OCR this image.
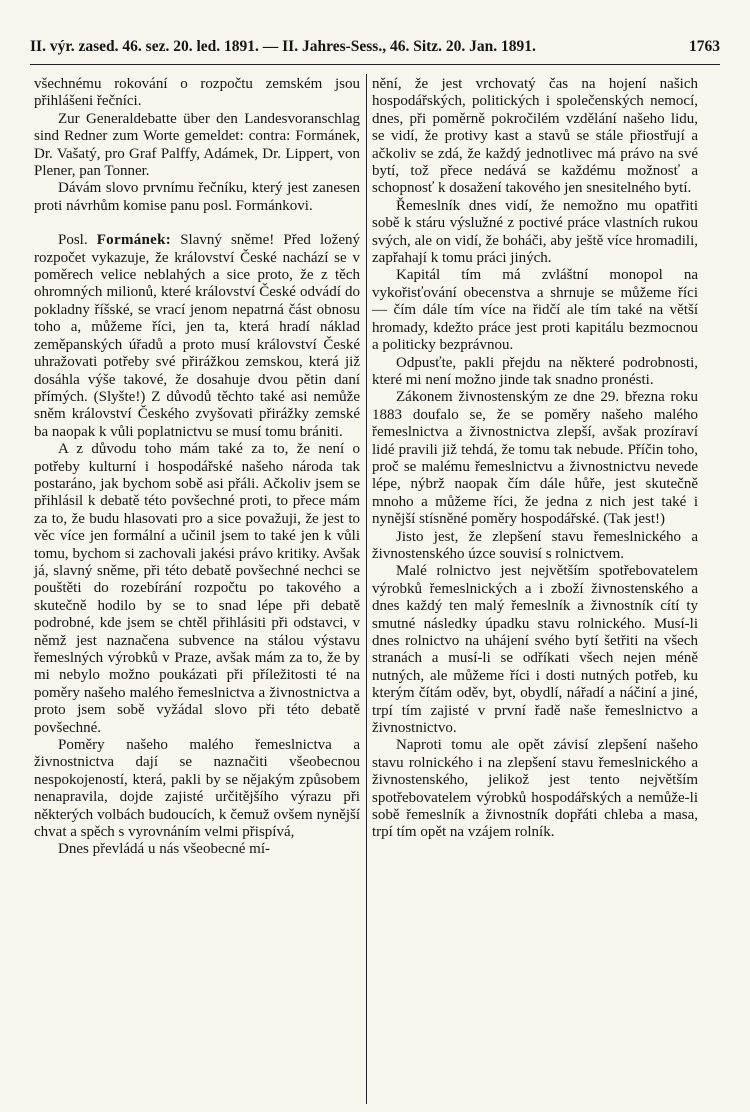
II. výr. zased. 46. sez. 20. led. 1891. — II. Jahres-Sess., 46. Sitz. 20. Jan. 1891.	1763

všechnému rokování o rozpočtu zemském jsou přihlášeni řečníci.

Zur Generaldebatte über den Landesvoranschlag sind Redner zum Worte gemeldet: contra: Formánek, Dr. Vašatý, pro Graf Palffy, Adámek, Dr. Lippert, von Plener, pan Tonner.

Dávám slovo prvnímu řečníku, který jest zanesen proti návrhům komise panu posl. Formánkovi.

Posl. Formánek: Slavný sněme! Před ložený rozpočet vykazuje, že království České nachází se v poměrech velice neblahých a sice proto, že z těch ohromných milionů, které království České odvádí do pokladny říšské, se vrací jenom nepatrná část obnosu toho a, můžeme říci, jen ta, která hradí náklad zeměpanských úřadů a proto musí království České uhražovati potřeby své přirážkou zemskou, která již dosáhla výše takové, že dosahuje dvou pětin daní přímých. (Slyšte!) Z důvodů těchto také asi nemůže sněm království Českého zvyšovati přirážky zemské ba naopak k vůli poplatnictvu se musí tomu brániti.

A z důvodu toho mám také za to, že není o potřeby kulturní i hospodářské našeho národa tak postaráno, jak bychom sobě asi přáli. Ačkoliv jsem se přihlásil k debatě této povšechné proti, to přece mám za to, že budu hlasovati pro a sice považuji, že jest to věc více jen formální a učinil jsem to také jen k vůli tomu, bychom si zachovali jakési právo kritiky. Avšak já, slavný sněme, při této debatě povšechné nechci se pouštěti do rozebírání rozpočtu po takového a skutečně hodilo by se to snad lépe při debatě podrobné, kde jsem se chtěl přihlásiti při odstavci, v němž jest naznačena subvence na stálou výstavu řemeslných výrobků v Praze, avšak mám za to, že by mi nebylo možno poukázati při příležitosti té na poměry našeho malého řemeslnictva a živnostnictva a proto jsem sobě vyžádal slovo při této debatě povšechné.

Poměry našeho malého řemeslnictva a živnostnictva dají se naznačiti všeobecnou nespokojeností, která, pakli by se nějakým způsobem nenapravila, dojde zajisté určitějšího výrazu při některých volbách budoucích, k čemuž ovšem nynější chvat a spěch s vyrovnáním velmi přispívá,

Dnes převládá u nás všeobecné mí-

nění, že jest vrchovatý čas na hojení našich hospodářských, politických i společenských nemocí, dnes, při poměrně pokročilém vzdělání našeho lidu, se vidí, že protivy kast a stavů se stále přiostřují a ačkoliv se zdá, že každý jednotlivec má právo na své bytí, tož přece nedává se každému možnosť a schopnosť k dosažení takového jen snesitelného bytí.

Řemeslník dnes vidí, že nemožno mu opatřiti sobě k stáru výslužné z poctivé práce vlastních rukou svých, ale on vidí, že boháči, aby ještě více hromadili, zapřahají k tomu práci jiných.

Kapitál tím má zvláštní monopol na vykořisťování obecenstva a shrnuje se můžeme říci — čím dále tím více na řidčí ale tím také na větší hromady, kdežto práce jest proti kapitálu bezmocnou a politicky bezprávnou.

Odpusťte, pakli přejdu na některé podrobnosti, které mi není možno jinde tak snadno pronésti.

Zákonem živnostenským ze dne 29. března roku 1883 doufalo se, že se poměry našeho malého řemeslnictva a živnostnictva zlepší, avšak prozíraví lidé pravili již tehdá, že tomu tak nebude. Příčin toho, proč se malému řemeslnictvu a živnostnictvu nevede lépe, nýbrž naopak čím dále hůře, jest skutečně mnoho a můžeme říci, že jedna z nich jest také i nynější stísněné poměry hospodářské. (Tak jest!)

Jisto jest, že zlepšení stavu řemeslnického a živnostenského úzce souvisí s rolnictvem.

Malé rolnictvo jest největším spotřebovatelem výrobků řemeslnických a i zboží živnostenského a dnes každý ten malý řemeslník a živnostník cítí ty smutné následky úpadku stavu rolnického. Musí-li dnes rolnictvo na uhájení svého bytí šetřiti na všech stranách a musí-li se odříkati všech nejen méně nutných, ale můžeme říci i dosti nutných potřeb, ku kterým čítám oděv, byt, obydlí, nářadí a náčiní a jiné, trpí tím zajisté v první řadě naše řemeslnictvo a živnostnictvo.

Naproti tomu ale opět závisí zlepšení našeho stavu rolnického i na zlepšení stavu řemeslnického a živnostenského, jelikož jest tento největším spotřebovatelem výrobků hospodářských a nemůže-li sobě řemeslník a živnostník dopřáti chleba a masa, trpí tím opět na vzájem rolník.
